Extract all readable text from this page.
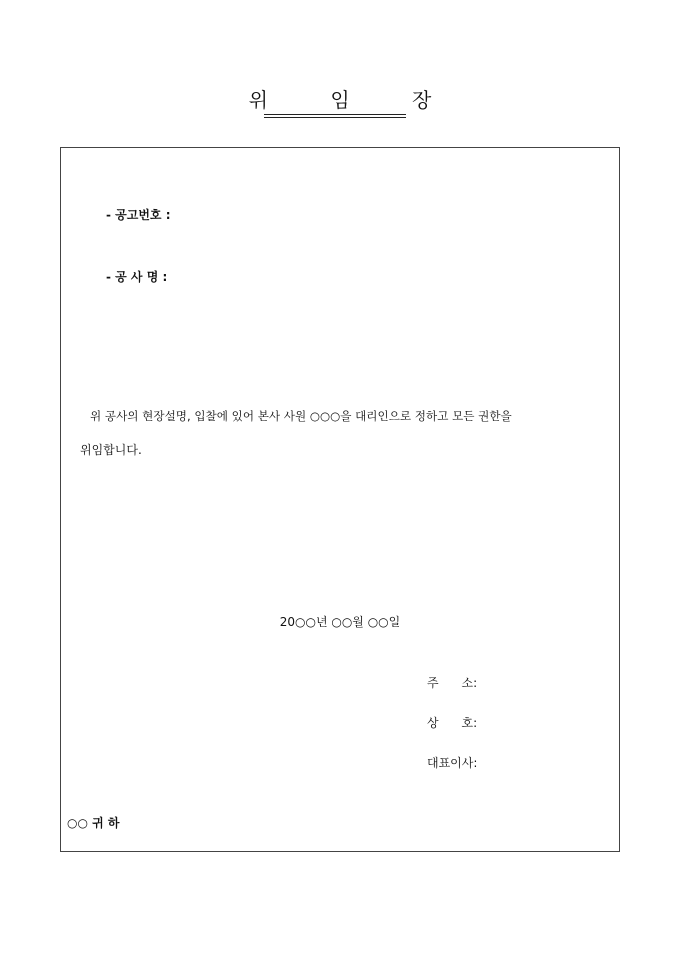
위 임 장
- 공고번호 :
- 공 사 명 :
위 공사의 현장설명, 입찰에 있어 본사 사원 ○○○을 대리인으로 정하고 모든 권한을
위임합니다.
20○○년 ○○월 ○○일
주      소:
상      호:
대표이사:
○○ 귀 하
